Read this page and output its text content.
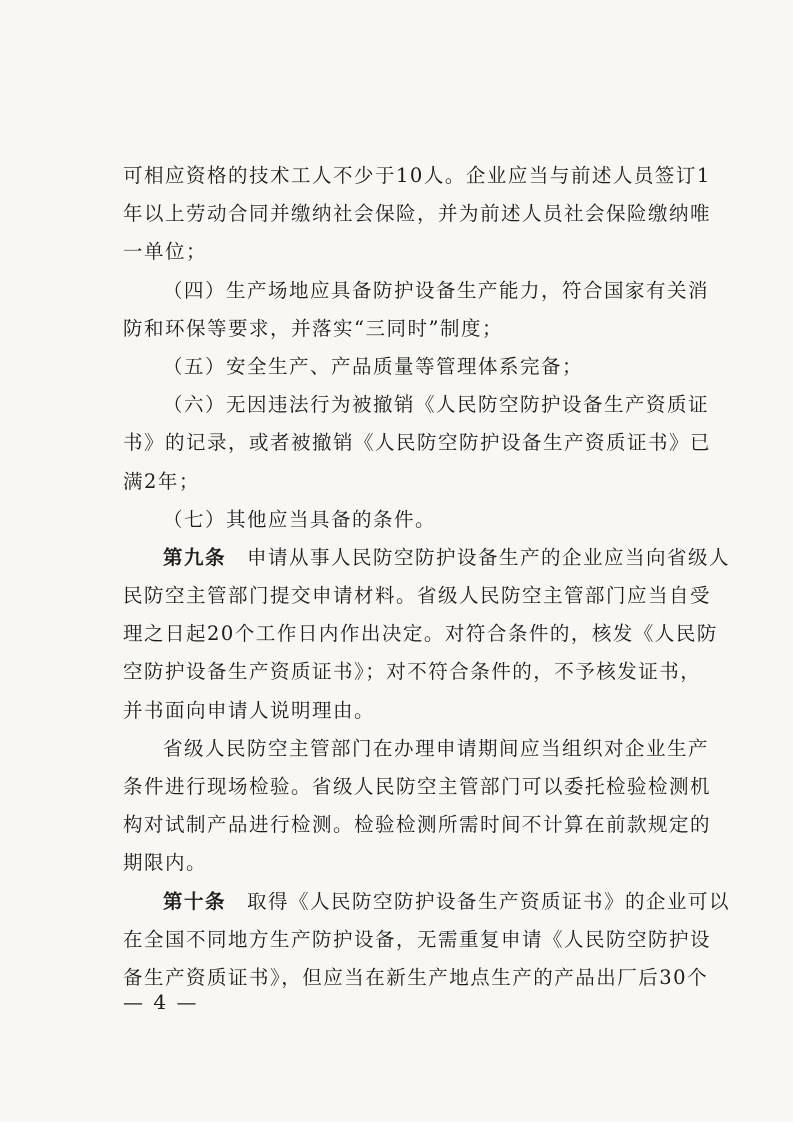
可相应资格的技术工人不少于10人。企业应当与前述人员签订1
年以上劳动合同并缴纳社会保险，并为前述人员社会保险缴纳唯
一单位；
（四）生产场地应具备防护设备生产能力，符合国家有关消
防和环保等要求，并落实“三同时”制度；
（五）安全生产、产品质量等管理体系完备；
（六）无因违法行为被撤销《人民防空防护设备生产资质证
书》的记录，或者被撤销《人民防空防护设备生产资质证书》已
满2年；
（七）其他应当具备的条件。
第九条　申请从事人民防空防护设备生产的企业应当向省级人
民防空主管部门提交申请材料。省级人民防空主管部门应当自受
理之日起20个工作日内作出决定。对符合条件的，核发《人民防
空防护设备生产资质证书》；对不符合条件的，不予核发证书，
并书面向申请人说明理由。
省级人民防空主管部门在办理申请期间应当组织对企业生产
条件进行现场检验。省级人民防空主管部门可以委托检验检测机
构对试制产品进行检测。检验检测所需时间不计算在前款规定的
期限内。
第十条　取得《人民防空防护设备生产资质证书》的企业可以
在全国不同地方生产防护设备，无需重复申请《人民防空防护设
备生产资质证书》，但应当在新生产地点生产的产品出厂后30个
— 4 —
